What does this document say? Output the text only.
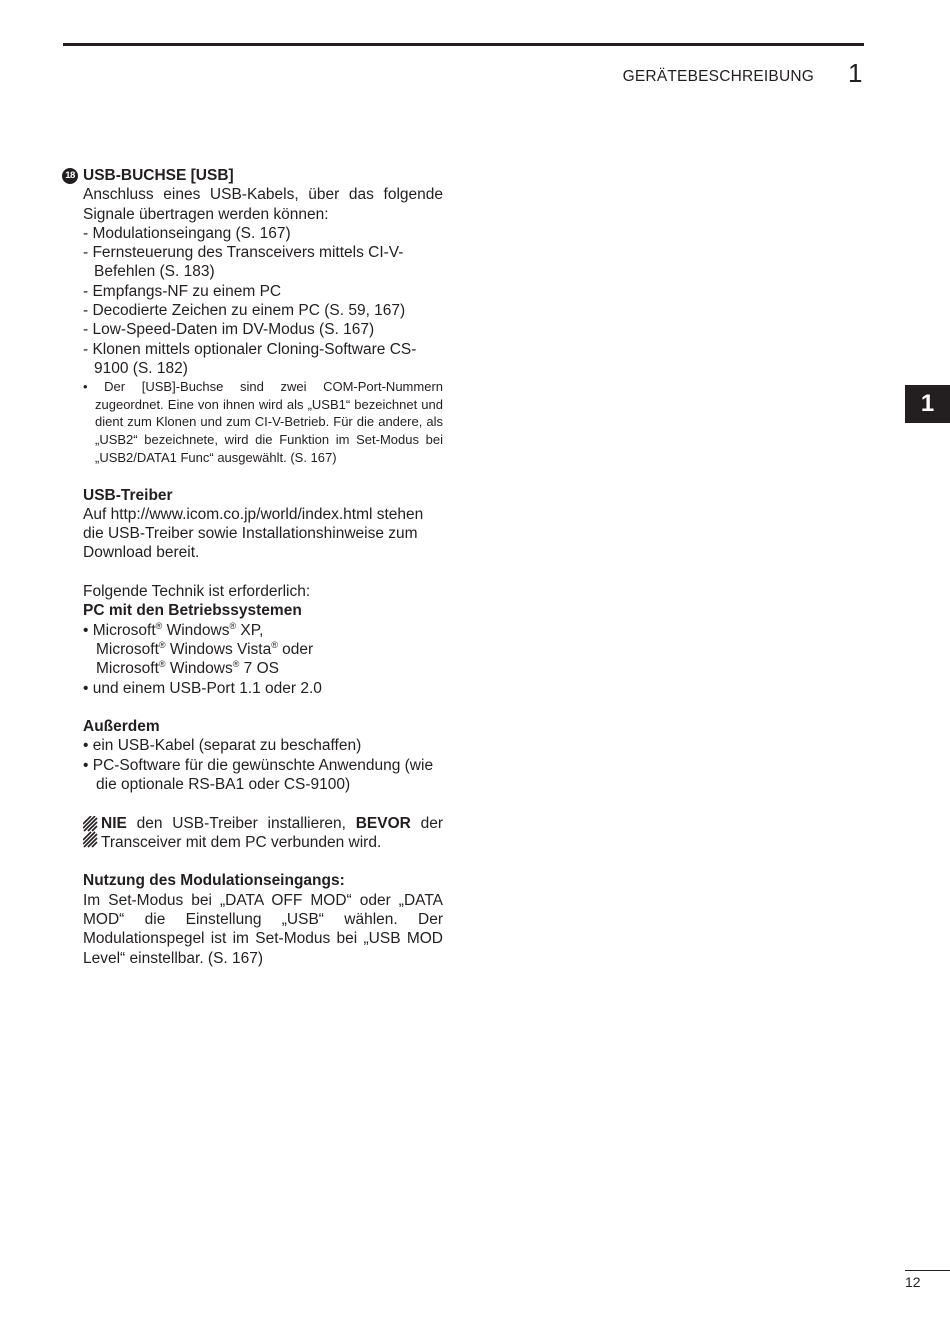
GERÄTEBESCHREIBUNG 1
1
12
18 USB-BUCHSE [USB]
Anschluss eines USB-Kabels, über das folgende Signale übertragen werden können:
- Modulationseingang (S. 167)
- Fernsteuerung des Transceivers mittels CI-V-Befehlen (S. 183)
- Empfangs-NF zu einem PC
- Decodierte Zeichen zu einem PC (S. 59, 167)
- Low-Speed-Daten im DV-Modus (S. 167)
- Klonen mittels optionaler Cloning-Software CS-9100 (S. 182)
• Der [USB]-Buchse sind zwei COM-Port-Nummern zugeordnet. Eine von ihnen wird als „USB1“ bezeichnet und dient zum Klonen und zum CI-V-Betrieb. Für die andere, als „USB2“ bezeichnete, wird die Funktion im Set-Modus bei „USB2/DATA1 Func“ ausgewählt. (S. 167)
USB-Treiber
Auf http://www.icom.co.jp/world/index.html stehen die USB-Treiber sowie Installationshinweise zum Download bereit.
Folgende Technik ist erforderlich:
PC mit den Betriebssystemen
• Microsoft® Windows® XP,
Microsoft® Windows Vista® oder
Microsoft® Windows® 7 OS
• und einem USB-Port 1.1 oder 2.0
Außerdem
• ein USB-Kabel (separat zu beschaffen)
• PC-Software für die gewünschte Anwendung (wie die optionale RS-BA1 oder CS-9100)
NIE den USB-Treiber installieren, BEVOR der Transceiver mit dem PC verbunden wird.
Nutzung des Modulationseingangs:
Im Set-Modus bei „DATA OFF MOD“ oder „DATA MOD“ die Einstellung „USB“ wählen. Der Modulationspegel ist im Set-Modus bei „USB MOD Level“ einstellbar. (S. 167)
